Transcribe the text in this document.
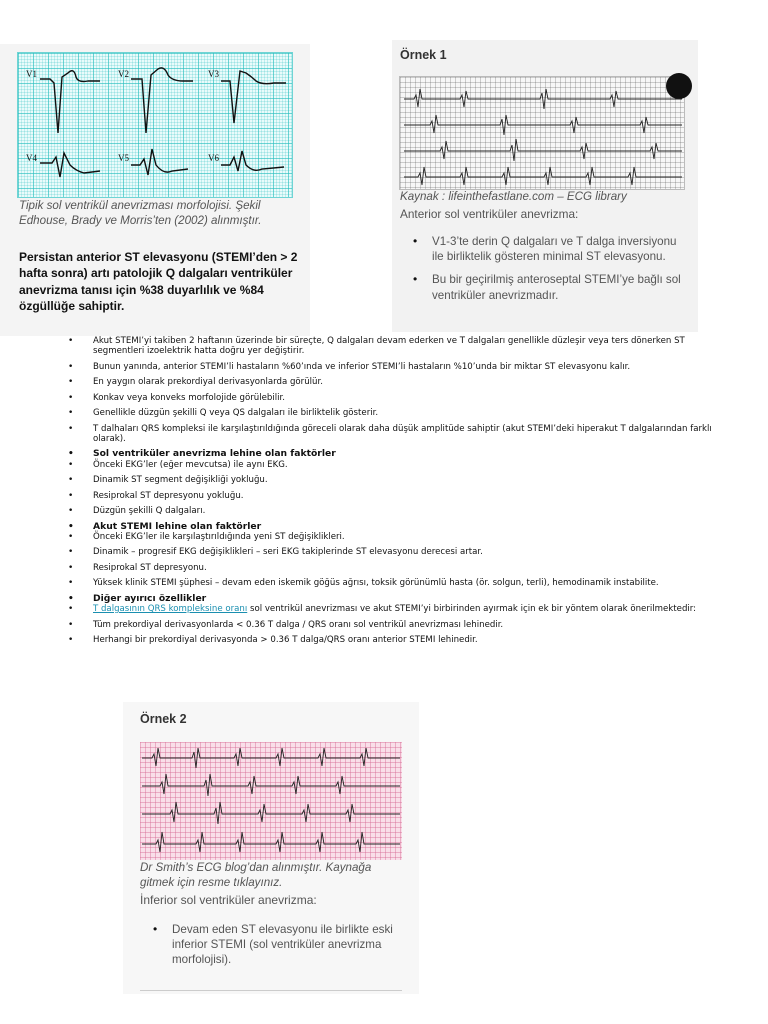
V1	V2	V3
V4	V5	V6
Tipik sol ventrikül anevrizması morfolojisi. Şekil Edhouse, Brady ve Morris’ten (2002) alınmıştır.
Persistan anterior ST elevasyonu (STEMI’den > 2 hafta sonra) artı patolojik Q dalgaları ventriküler anevrizma tanısı için %38 duyarlılık ve %84 özgüllüğe sahiptir.
Örnek 1
Kaynak : lifeinthefastlane.com – ECG library
Anterior sol ventriküler anevrizma:
• V1-3’te derin Q dalgaları ve T dalga inversiyonu ile birliktelik gösteren minimal ST elevasyonu.
• Bu bir geçirilmiş anteroseptal STEMI’ye bağlı sol ventriküler anevrizmadır.
• Akut STEMI’yi takiben 2 haftanın üzerinde bir süreçte, Q dalgaları devam ederken ve T dalgaları genellikle düzleşir veya ters dönerken ST segmentleri izoelektrik hatta doğru yer değiştirir.
• Bunun yanında, anterior STEMI’li hastaların %60’ında ve inferior STEMI’li hastaların %10’unda bir miktar ST elevasyonu kalır.
• En yaygın olarak prekordiyal derivasyonlarda görülür.
• Konkav veya konveks morfolojide görülebilir.
• Genellikle düzgün şekilli Q veya QS dalgaları ile birliktelik gösterir.
• T dalhaları QRS kompleksi ile karşılaştırıldığında göreceli olarak daha düşük amplitüde sahiptir (akut STEMI’deki hiperakut T dalgalarından farklı olarak).
• Sol ventriküler anevrizma lehine olan faktörler
• Önceki EKG’ler (eğer mevcutsa) ile aynı EKG.
• Dinamik ST segment değişikliği yokluğu.
• Resiprokal ST depresyonu yokluğu.
• Düzgün şekilli Q dalgaları.
• Akut STEMI lehine olan faktörler
• Önceki EKG’ler ile karşılaştırıldığında yeni ST değişiklikleri.
• Dinamik – progresif EKG değişiklikleri – seri EKG takiplerinde ST elevasyonu derecesi artar.
• Resiprokal ST depresyonu.
• Yüksek klinik STEMI şüphesi – devam eden iskemik göğüs ağrısı, toksik görünümlü hasta (ör. solgun, terli), hemodinamik instabilite.
• Diğer ayırıcı özellikler
• T dalgasının QRS kompleksine oranı sol ventrikül anevrizması ve akut STEMI’yi birbirinden ayırmak için ek bir yöntem olarak önerilmektedir:
• Tüm prekordiyal derivasyonlarda < 0.36 T dalga / QRS oranı sol ventrikül anevrizması lehinedir.
• Herhangi bir prekordiyal derivasyonda > 0.36 T dalga/QRS oranı anterior STEMI lehinedir.
Örnek 2
Dr Smith’s ECG blog’dan alınmıştır. Kaynağa gitmek için resme tıklayınız.
İnferior sol ventriküler anevrizma:
• Devam eden ST elevasyonu ile birlikte eski inferior STEMI (sol ventriküler anevrizma morfolojisi).
